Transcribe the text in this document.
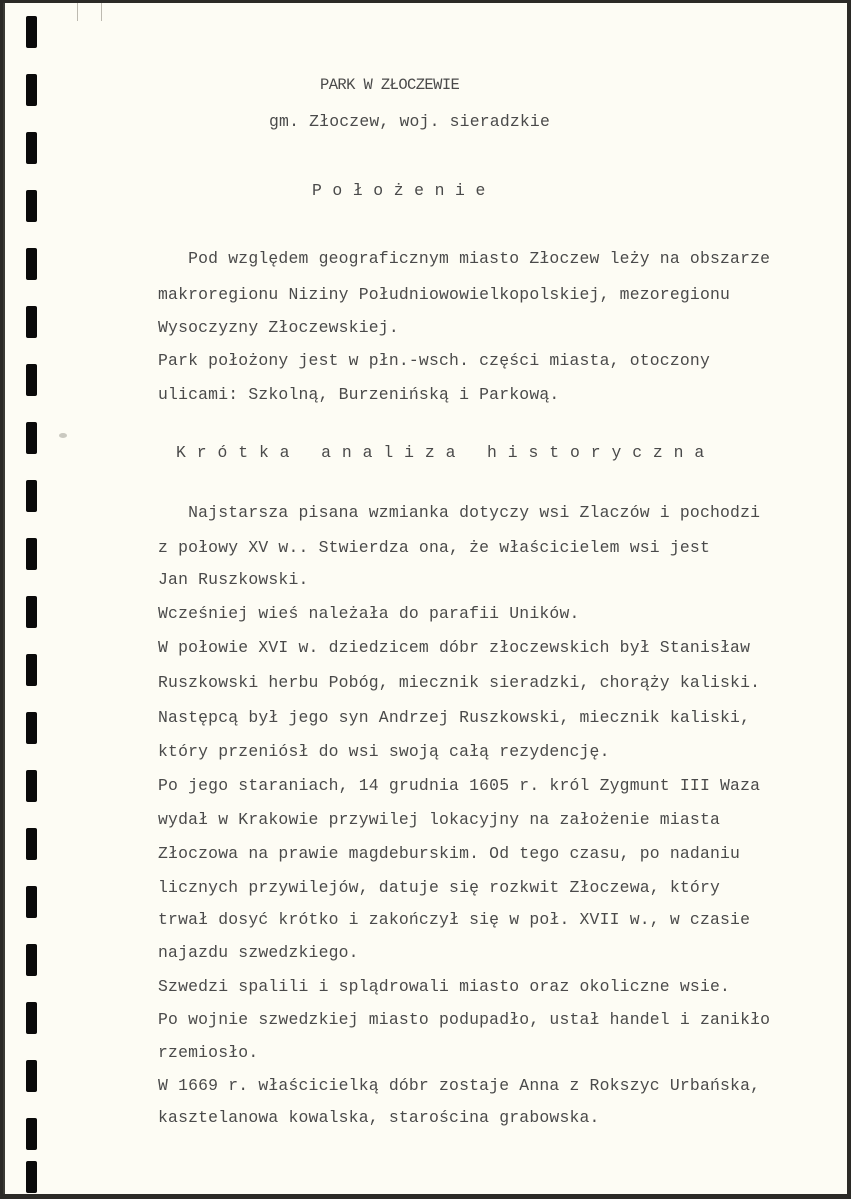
PARK W ZŁOCZEWIE

gm. Złoczew, woj. sieradzkie

Położenie

Pod względem geograficznym miasto Złoczew leży na obszarze

makroregionu Niziny Południowowielkopolskiej, mezoregionu

Wysoczyzny Złoczewskiej.

Park położony jest w płn.-wsch. części miasta, otoczony

ulicami: Szkolną, Burzenińską i Parkową.

Krótka analiza historyczna

Najstarsza pisana wzmianka dotyczy wsi Zlaczów i pochodzi

z połowy XV w.. Stwierdza ona, że właścicielem wsi jest

Jan Ruszkowski.

Wcześniej wieś należała do parafii Uników.

W połowie XVI w. dziedzicem dóbr złoczewskich był Stanisław

Ruszkowski herbu Pobóg, miecznik sieradzki, chorąży kaliski.

Następcą był jego syn Andrzej Ruszkowski, miecznik kaliski,

który przeniósł do wsi swoją całą rezydencję.

Po jego staraniach, 14 grudnia 1605 r. król Zygmunt III Waza

wydał w Krakowie przywilej lokacyjny na założenie miasta

Złoczowa na prawie magdeburskim. Od tego czasu, po nadaniu

licznych przywilejów, datuje się rozkwit Złoczewa, który

trwał dosyć krótko i zakończył się w poł. XVII w., w czasie

najazdu szwedzkiego.

Szwedzi spalili i splądrowali miasto oraz okoliczne wsie.

Po wojnie szwedzkiej miasto podupadło, ustał handel i zanikło

rzemiosło.

W 1669 r. właścicielką dóbr zostaje Anna z Rokszyc Urbańska,

kasztelanowa kowalska, starościna grabowska.
